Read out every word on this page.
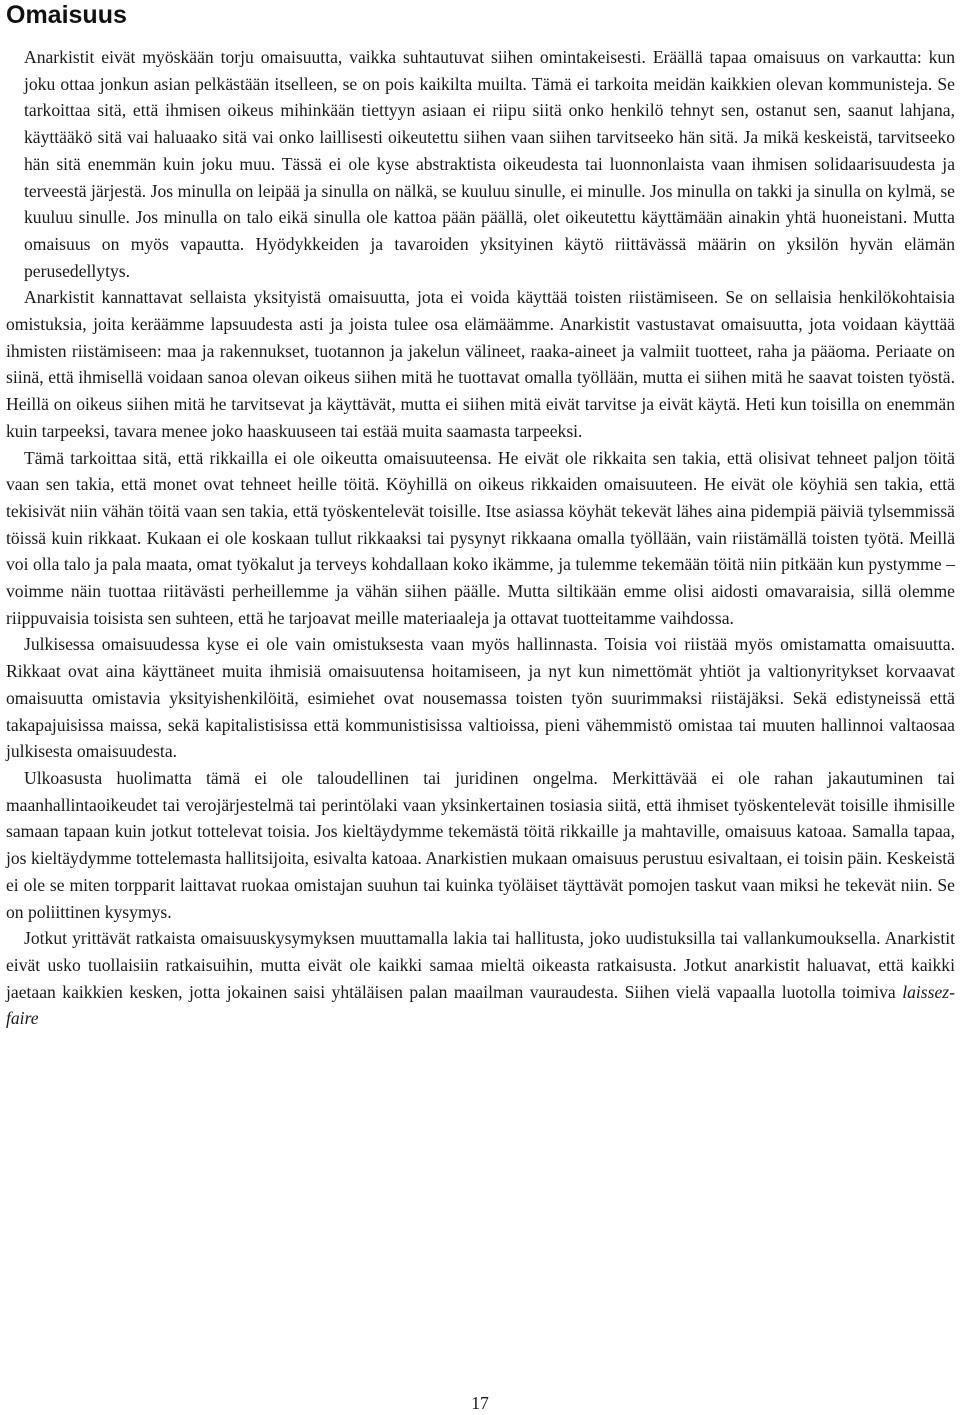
Omaisuus

Anarkistit eivät myöskään torju omaisuutta, vaikka suhtautuvat siihen omintakeisesti. Eräällä tapaa omaisuus on varkautta: kun joku ottaa jonkun asian pelkästään itselleen, se on pois kaikilta muilta. Tämä ei tarkoita meidän kaikkien olevan kommunisteja. Se tarkoittaa sitä, että ihmisen oikeus mihinkään tiettyyn asiaan ei riipu siitä onko henkilö tehnyt sen, ostanut sen, saanut lahjana, käyttääkö sitä vai haluaako sitä vai onko laillisesti oikeutettu siihen vaan siihen tarvitseeko hän sitä. Ja mikä keskeistä, tarvitseeko hän sitä enemmän kuin joku muu. Tässä ei ole kyse abstraktista oikeudesta tai luonnonlaista vaan ihmisen solidaarisuudesta ja terveestä järjestä. Jos minulla on leipää ja sinulla on nälkä, se kuuluu sinulle, ei minulle. Jos minulla on takki ja sinulla on kylmä, se kuuluu sinulle. Jos minulla on talo eikä sinulla ole kattoa pään päällä, olet oikeutettu käyttämään ainakin yhtä huoneistani. Mutta omaisuus on myös vapautta. Hyödykkeiden ja tavaroiden yksityinen käytö riittävässä määrin on yksilön hyvän elämän perusedellytys.

Anarkistit kannattavat sellaista yksityistä omaisuutta, jota ei voida käyttää toisten riistämiseen. Se on sellaisia henkilökohtaisia omistuksia, joita keräämme lapsuudesta asti ja joista tulee osa elämäämme. Anarkistit vastustavat omaisuutta, jota voidaan käyttää ihmisten riistämiseen: maa ja rakennukset, tuotannon ja jakelun välineet, raaka-aineet ja valmiit tuotteet, raha ja pääoma. Periaate on siinä, että ihmisellä voidaan sanoa olevan oikeus siihen mitä he tuottavat omalla työllään, mutta ei siihen mitä he saavat toisten työstä. Heillä on oikeus siihen mitä he tarvitsevat ja käyttävät, mutta ei siihen mitä eivät tarvitse ja eivät käytä. Heti kun toisilla on enemmän kuin tarpeeksi, tavara menee joko haaskuuseen tai estää muita saamasta tarpeeksi.

Tämä tarkoittaa sitä, että rikkailla ei ole oikeutta omaisuuteensa. He eivät ole rikkaita sen takia, että olisivat tehneet paljon töitä vaan sen takia, että monet ovat tehneet heille töitä. Köyhillä on oikeus rikkaiden omaisuuteen. He eivät ole köyhiä sen takia, että tekisivät niin vähän töitä vaan sen takia, että työskentelevät toisille. Itse asiassa köyhät tekevät lähes aina pidempiä päiviä tylsemmissä töissä kuin rikkaat. Kukaan ei ole koskaan tullut rikkaaksi tai pysynyt rikkaana omalla työllään, vain riistämällä toisten työtä. Meillä voi olla talo ja pala maata, omat työkalut ja terveys kohdallaan koko ikämme, ja tulemme tekemään töitä niin pitkään kun pystymme – voimme näin tuottaa riitävästi perheillemme ja vähän siihen päälle. Mutta siltikään emme olisi aidosti omavaraisia, sillä olemme riippuvaisia toisista sen suhteen, että he tarjoavat meille materiaaleja ja ottavat tuotteitamme vaihdossa.

Julkisessa omaisuudessa kyse ei ole vain omistuksesta vaan myös hallinnasta. Toisia voi riistää myös omistamatta omaisuutta. Rikkaat ovat aina käyttäneet muita ihmisiä omaisuutensa hoitamiseen, ja nyt kun nimettömät yhtiöt ja valtionyritykset korvaavat omaisuutta omistavia yksityishenkilöitä, esimiehet ovat nousemassa toisten työn suurimmaksi riistäjäksi. Sekä edistyneissä että takapajuisissa maissa, sekä kapitalistisissa että kommunistisissa valtioissa, pieni vähemmistö omistaa tai muuten hallinnoi valtaosaa julkisesta omaisuudesta.

Ulkoasusta huolimatta tämä ei ole taloudellinen tai juridinen ongelma. Merkittävää ei ole rahan jakautuminen tai maanhallintaoikeudet tai verojärjestelmä tai perintölaki vaan yksinkertainen tosiasia siitä, että ihmiset työskentelevät toisille ihmisille samaan tapaan kuin jotkut tottelevat toisia. Jos kieltäydymme tekemästä töitä rikkaille ja mahtaville, omaisuus katoaa. Samalla tapaa, jos kieltäydymme tottelemasta hallitsijoita, esivalta katoaa. Anarkistien mukaan omaisuus perustuu esivaltaan, ei toisin päin. Keskeistä ei ole se miten torpparit laittavat ruokaa omistajan suuhun tai kuinka työläiset täyttävät pomojen taskut vaan miksi he tekevät niin. Se on poliittinen kysymys.

Jotkut yrittävät ratkaista omaisuuskysymyksen muuttamalla lakia tai hallitusta, joko uudistuksilla tai vallankumouksella. Anarkistit eivät usko tuollaisiin ratkaisuihin, mutta eivät ole kaikki samaa mieltä oikeasta ratkaisusta. Jotkut anarkistit haluavat, että kaikki jaetaan kaikkien kesken, jotta jokainen saisi yhtäläisen palan maailman vauraudesta. Siihen vielä vapaalla luotolla toimiva laissez-faire

17
